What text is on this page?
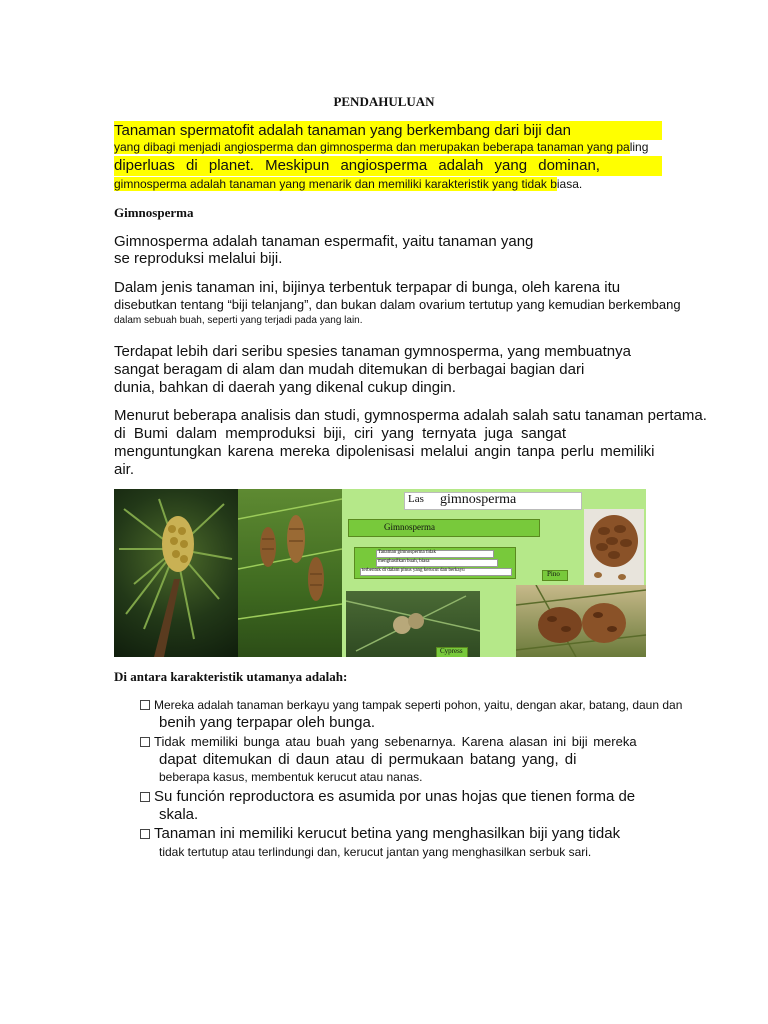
PENDAHULUAN
Tanaman spermatofit adalah tanaman yang berkembang dari biji dan
yang dibagi menjadi angiosperma dan gimnosperma dan merupakan beberapa tanaman yang paling
diperluas di planet. Meskipun angiosperma adalah yang dominan,
gimnosperma adalah tanaman yang menarik dan memiliki karakteristik yang tidak biasa.
Gimnosperma
Gimnosperma adalah tanaman espermafit, yaitu tanaman yang
se reproduksi melalui biji.
Dalam jenis tanaman ini, bijinya terbentuk terpapar di bunga, oleh karena itu
disebutkan tentang “biji telanjang”, dan bukan dalam ovarium tertutup yang kemudian berkembang
dalam sebuah buah, seperti yang terjadi pada yang lain.
Terdapat lebih dari seribu spesies tanaman gymnosperma, yang membuatnya
sangat beragam di alam dan mudah ditemukan di berbagai bagian dari
dunia, bahkan di daerah yang dikenal cukup dingin.
Menurut beberapa analisis dan studi, gymnosperma adalah salah satu tanaman pertama.
di Bumi dalam memproduksi biji, ciri yang ternyata juga sangat
menguntungkan karena mereka dipolenisasi melalui angin tanpa perlu memiliki
air.
Las gimnosperma
Gimnosperma
Tanaman gimnosperma tidak
menghasilkan buah, biasa
terbentuk di dalam pinus yang kerucut dan berkayu	Pino
Cypress
Di antara karakteristik utamanya adalah:
Mereka adalah tanaman berkayu yang tampak seperti pohon, yaitu, dengan akar, batang, daun dan
benih yang terpapar oleh bunga.
Tidak memiliki bunga atau buah yang sebenarnya. Karena alasan ini biji mereka
dapat ditemukan di daun atau di permukaan batang yang, di
beberapa kasus, membentuk kerucut atau nanas.
Su función reproductora es asumida por unas hojas que tienen forma de
skala.
Tanaman ini memiliki kerucut betina yang menghasilkan biji yang tidak
tidak tertutup atau terlindungi dan, kerucut jantan yang menghasilkan serbuk sari.
